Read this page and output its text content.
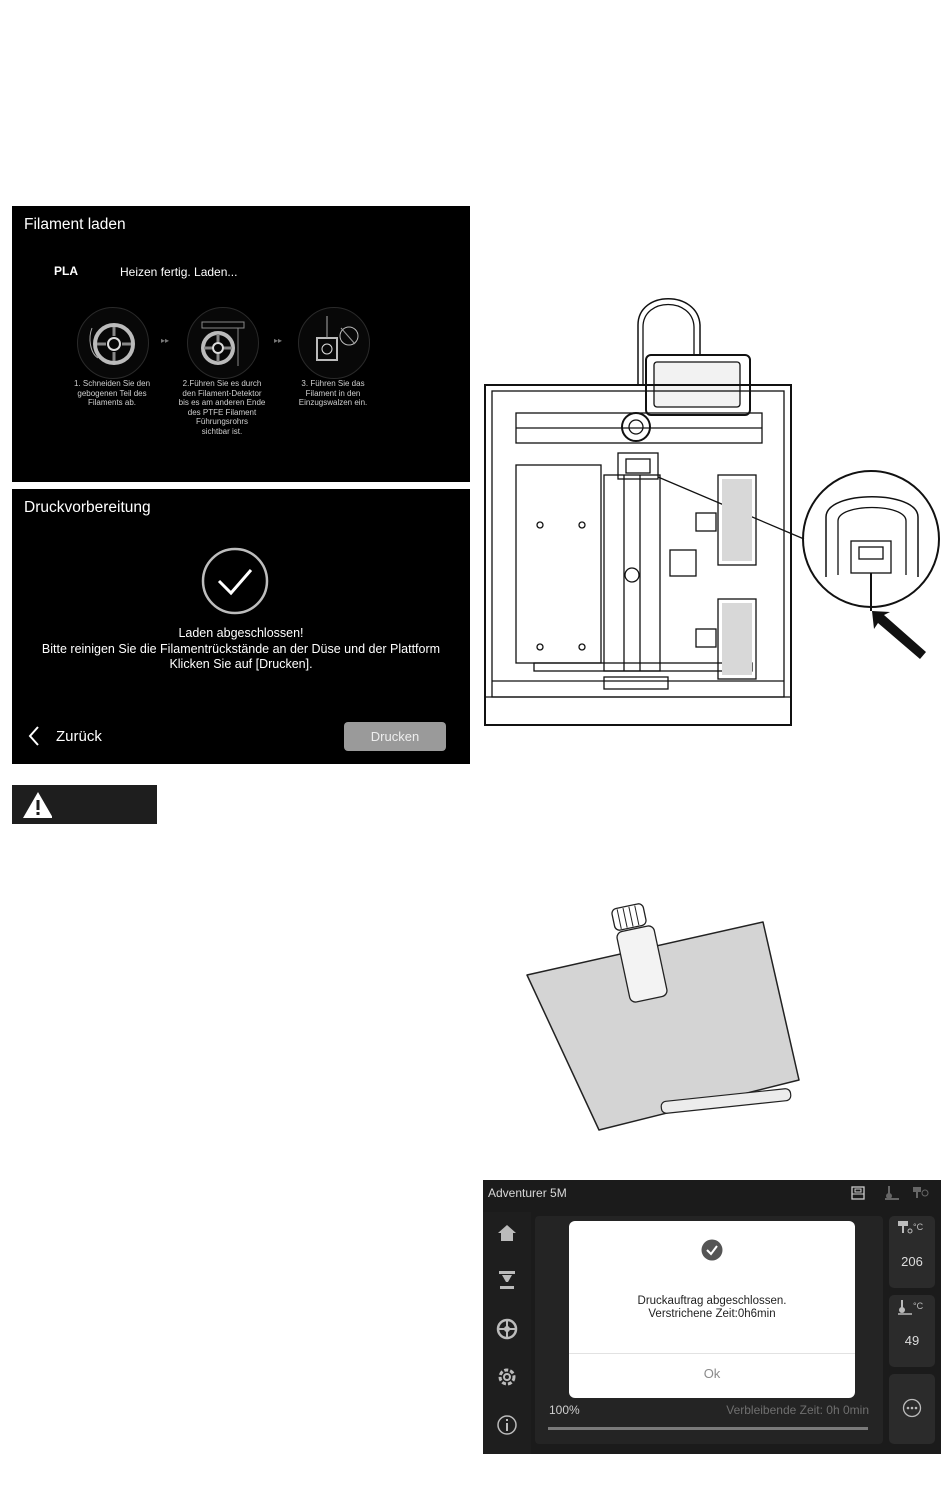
Filament laden
PLA	Heizen fertig. Laden...
▸▸	▸▸
1. Schneiden Sie den
gebogenen Teil des
Filaments ab.
2.Führen Sie es durch
den Filament-Detektor
bis es am anderen Ende
des PTFE Filament
Führungsrohrs
sichtbar ist.
3. Führen Sie das
Filament in den
Einzugswalzen ein.
Druckvorbereitung
Laden abgeschlossen!
Bitte reinigen Sie die Filamentrückstände an der Düse und der Plattform
Klicken Sie auf [Drucken].
Zurück	Drucken
Adventurer 5M
100%	Verbleibende Zeit: 0h 0min
°C
206
°C
49
Druckauftrag abgeschlossen.
Verstrichene Zeit:0h6min
Ok
